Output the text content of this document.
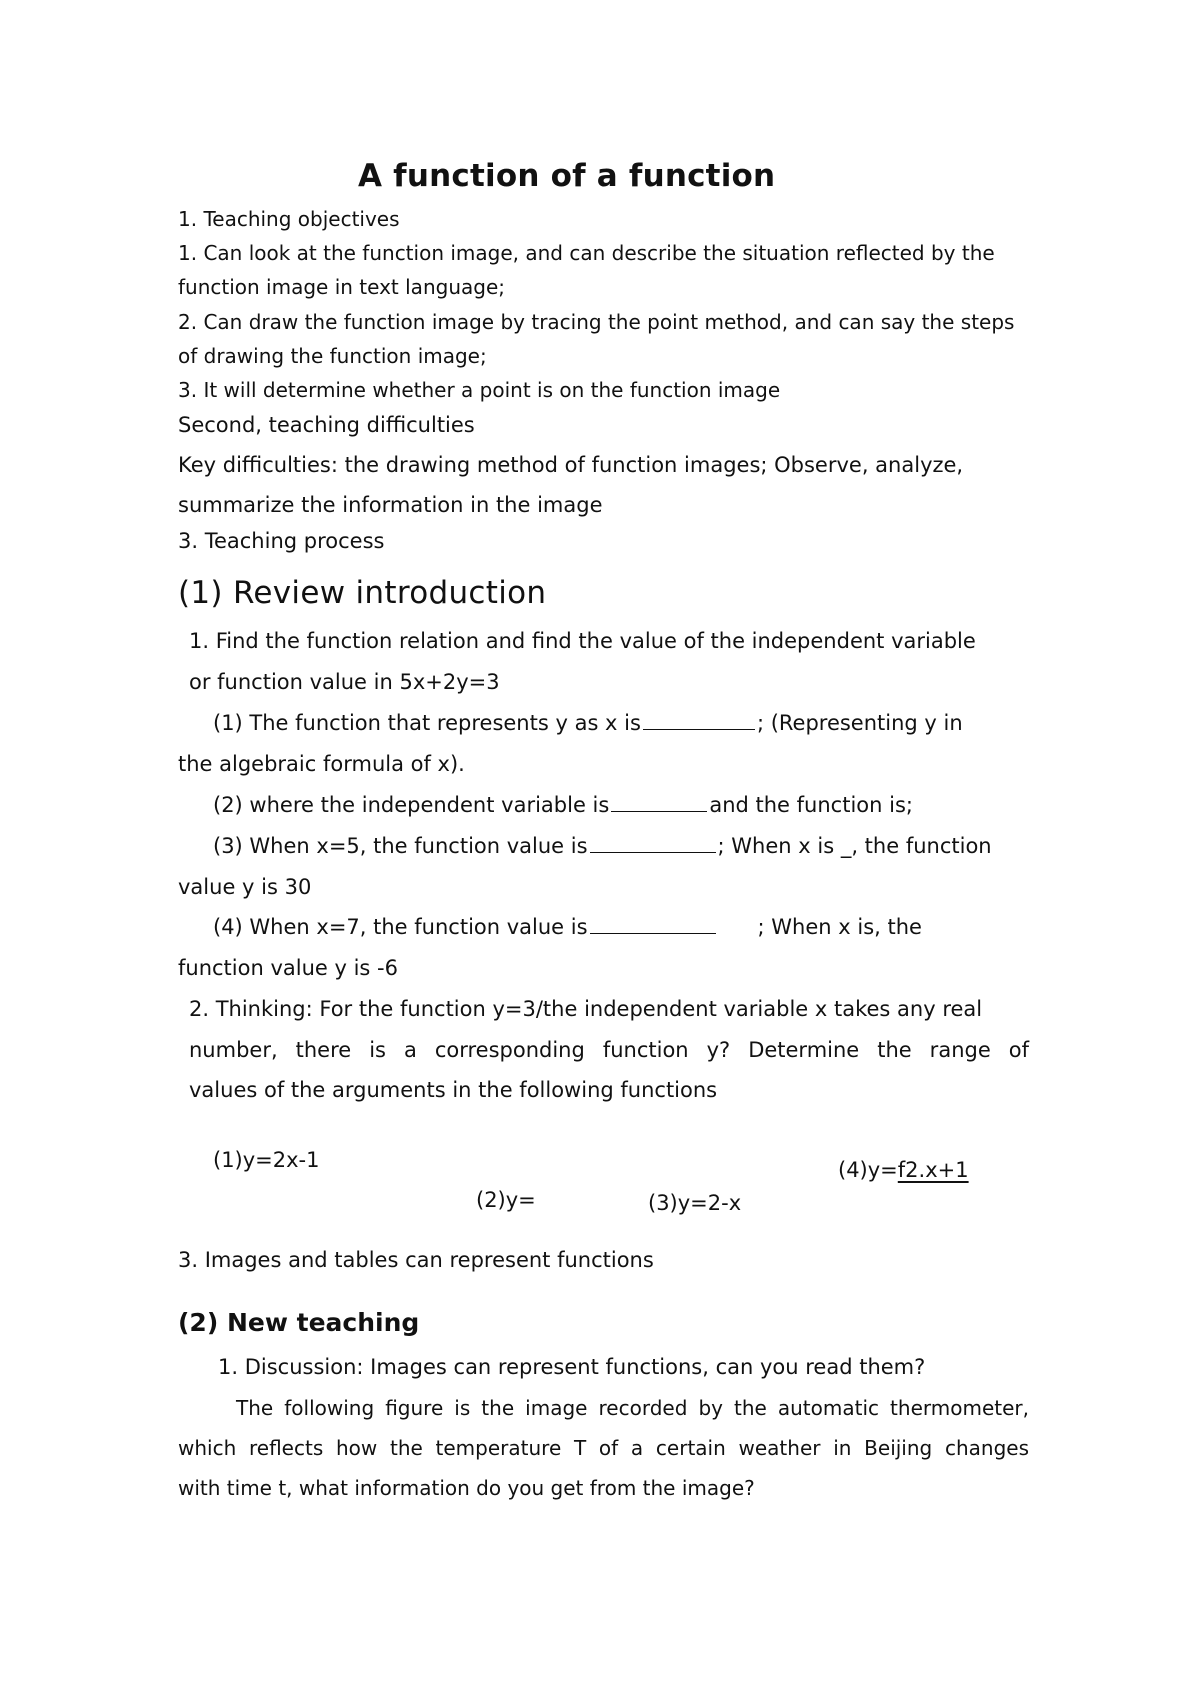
A function of a function

1. Teaching objectives

1. Can look at the function image, and can describe the situation reflected by the

function image in text language;

2. Can draw the function image by tracing the point method, and can say the steps

of drawing the function image;

3. It will determine whether a point is on the function image

Second, teaching difficulties

Key difficulties: the drawing method of function images; Observe, analyze,

summarize the information in the image

3. Teaching process

(1) Review introduction

1. Find the function relation and find the value of the independent variable

or function value in 5x+2y=3

(1) The function that represents y as x is	; (Representing y in

the algebraic formula of x).

(2) where the independent variable is	and the function is;

(3) When x=5, the function value is	; When x is _, the function

value y is 30

(4) When x=7, the function value is	; When x is, the

function value y is -6

2. Thinking: For the function y=3/the independent variable x takes any real

number, there is a corresponding function y? Determine the range of

values of the arguments in the following functions

(1)y=2x-1

(2)y=	(3)y=2-x

(4)y=f2.x+1

3. Images and tables can represent functions

(2) New teaching

1. Discussion: Images can represent functions, can you read them?

The following figure is the image recorded by the automatic thermometer,

which reflects how the temperature T of a certain weather in Beijing changes

with time t, what information do you get from the image?
